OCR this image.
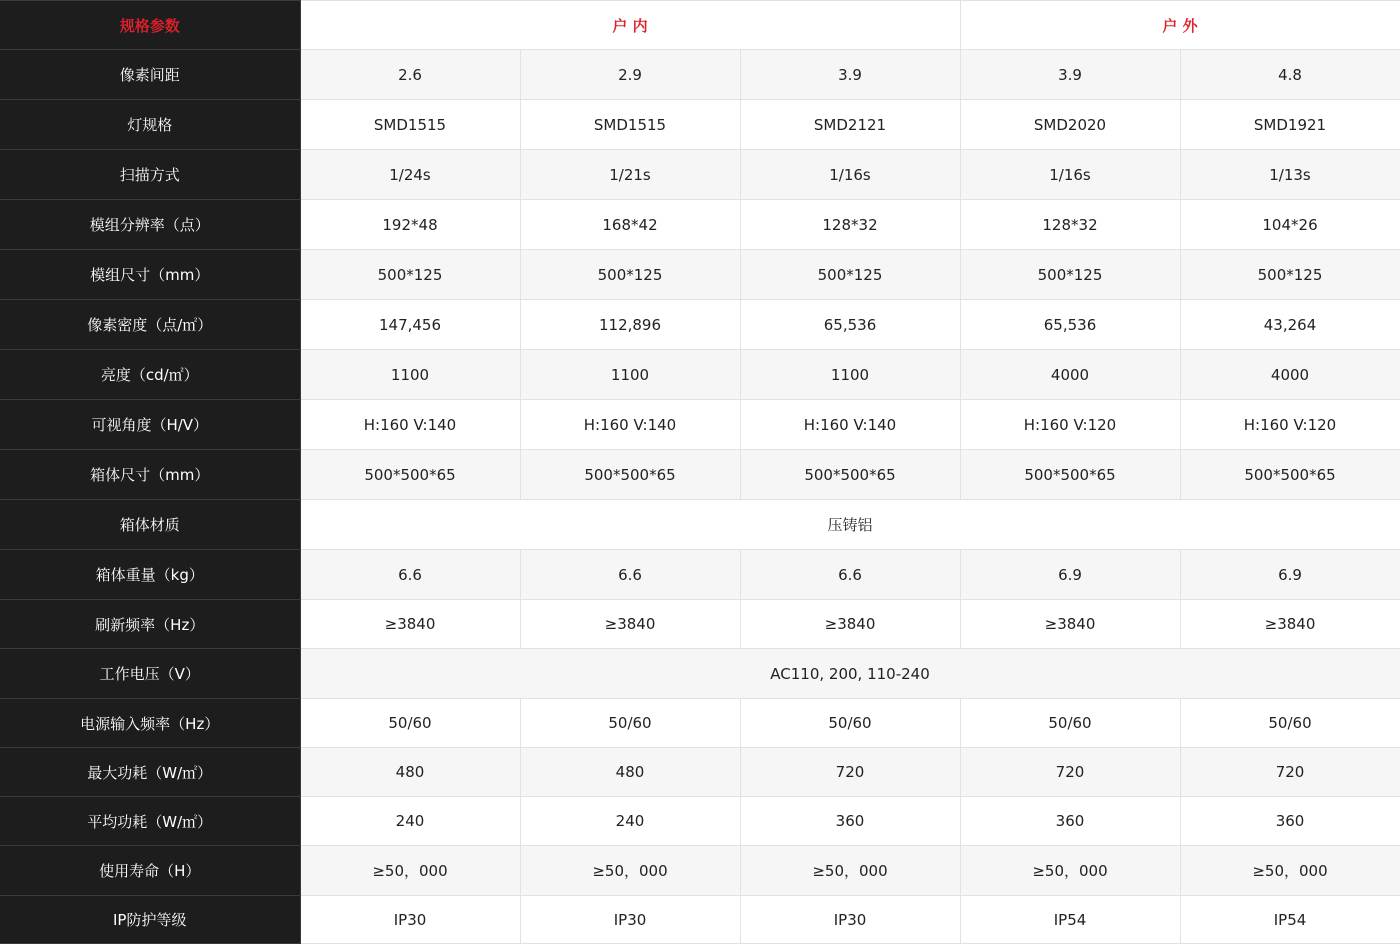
规格参数	户 内			户 外	
像素间距	2.6	2.9	3.9	3.9	4.8
灯规格	SMD1515	SMD1515	SMD2121	SMD2020	SMD1921
扫描方式	1/24s	1/21s	1/16s	1/16s	1/13s
模组分辨率（点）	192*48	168*42	128*32	128*32	104*26
模组尺寸（mm）	500*125	500*125	500*125	500*125	500*125
像素密度（点/㎡）	147,456	112,896	65,536	65,536	43,264
亮度（cd/㎡）	1100	1100	1100	4000	4000
可视角度（H/V）	H:160 V:140	H:160 V:140	H:160 V:140	H:160 V:120	H:160 V:120
箱体尺寸（mm）	500*500*65	500*500*65	500*500*65	500*500*65	500*500*65
箱体材质	压铸铝				
箱体重量（kg）	6.6	6.6	6.6	6.9	6.9
刷新频率（Hz）	≥3840	≥3840	≥3840	≥3840	≥3840
工作电压（V）	AC110, 200, 110-240				
电源输入频率（Hz）	50/60	50/60	50/60	50/60	50/60
最大功耗（W/㎡）	480	480	720	720	720
平均功耗（W/㎡）	240	240	360	360	360
使用寿命（H）	≥50，000	≥50，000	≥50，000	≥50，000	≥50，000
IP防护等级	IP30	IP30	IP30	IP54	IP54
